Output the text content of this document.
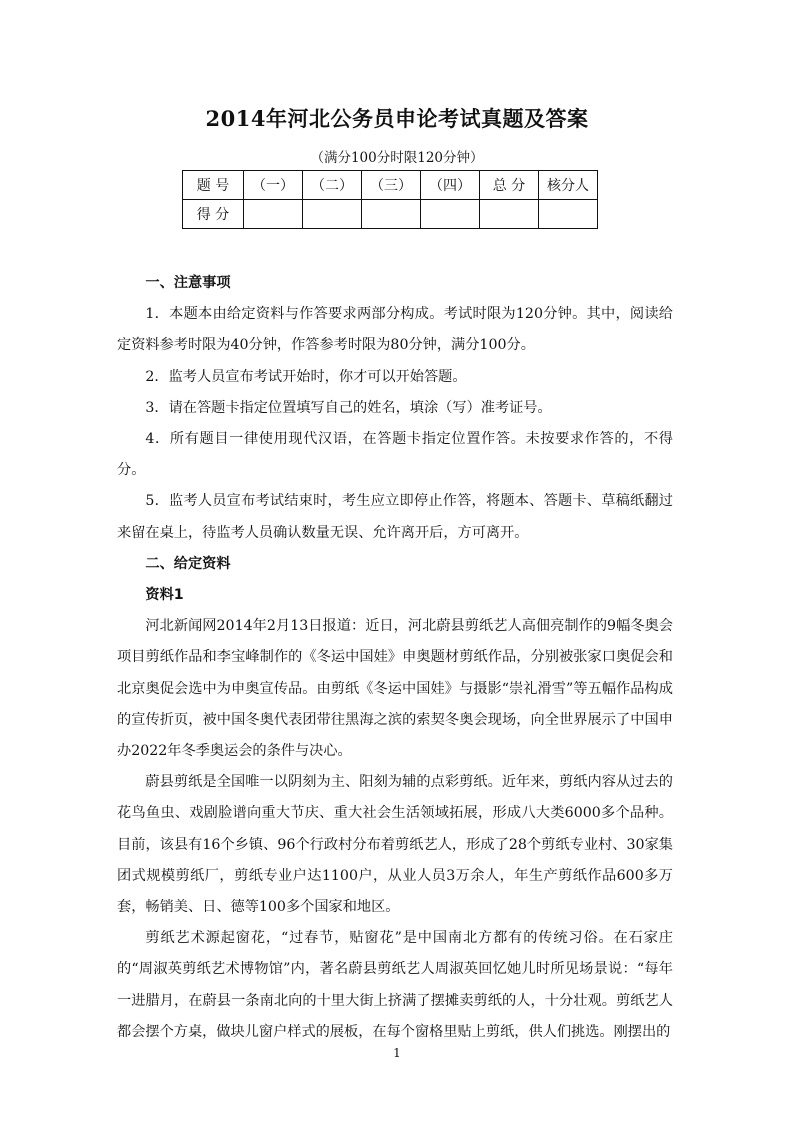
2014年河北公务员申论考试真题及答案
（满分100分时限120分钟）
题 号	（一）	（二）	（三）	（四）	总 分	核分人
得 分						

一、注意事项

1．本题本由给定资料与作答要求两部分构成。考试时限为120分钟。其中，阅读给定资料参考时限为40分钟，作答参考时限为80分钟，满分100分。

2．监考人员宣布考试开始时，你才可以开始答题。

3．请在答题卡指定位置填写自己的姓名，填涂（写）准考证号。

4．所有题目一律使用现代汉语，在答题卡指定位置作答。未按要求作答的，不得分。

5．监考人员宣布考试结束时，考生应立即停止作答，将题本、答题卡、草稿纸翻过来留在桌上，待监考人员确认数量无误、允许离开后，方可离开。

二、给定资料

资料1

河北新闻网2014年2月13日报道：近日，河北蔚县剪纸艺人高佃亮制作的9幅冬奥会项目剪纸作品和李宝峰制作的《冬运中国娃》申奥题材剪纸作品，分别被张家口奥促会和北京奥促会选中为申奥宣传品。由剪纸《冬运中国娃》与摄影“崇礼滑雪”等五幅作品构成的宣传折页，被中国冬奥代表团带往黑海之滨的索契冬奥会现场，向全世界展示了中国申办2022年冬季奥运会的条件与决心。

蔚县剪纸是全国唯一以阴刻为主、阳刻为辅的点彩剪纸。近年来，剪纸内容从过去的花鸟鱼虫、戏剧脸谱向重大节庆、重大社会生活领域拓展，形成八大类6000多个品种。目前，该县有16个乡镇、96个行政村分布着剪纸艺人，形成了28个剪纸专业村、30家集团式规模剪纸厂，剪纸专业户达1100户，从业人员3万余人，年生产剪纸作品600多万套，畅销美、日、德等100多个国家和地区。

剪纸艺术源起窗花，“过春节，贴窗花”是中国南北方都有的传统习俗。在石家庄的“周淑英剪纸艺术博物馆”内，著名蔚县剪纸艺人周淑英回忆她儿时所见场景说：“每年一进腊月，在蔚县一条南北向的十里大街上挤满了摆摊卖剪纸的人，十分壮观。剪纸艺人都会摆个方桌，做块儿窗户样式的展板，在每个窗格里贴上剪纸，供人们挑选。刚摆出的

1
